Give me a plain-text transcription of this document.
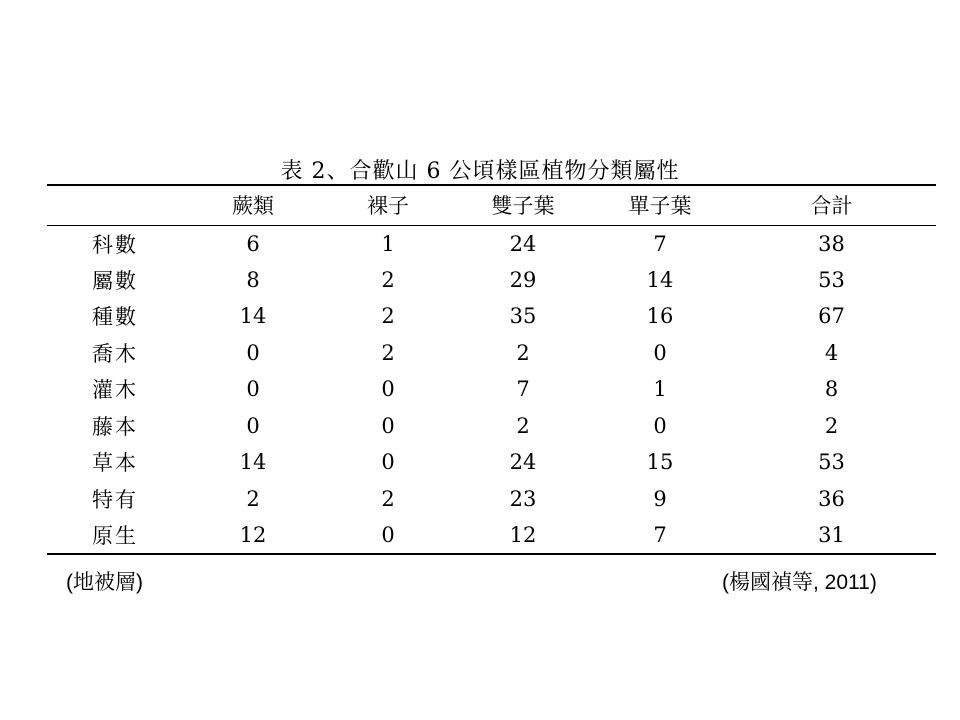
表 2、合歡山 6 公頃樣區植物分類屬性
	蕨類	裸子	雙子葉	單子葉	合計
科數	6	1	24	7	38
屬數	8	2	29	14	53
種數	14	2	35	16	67
喬木	0	2	2	0	4
灌木	0	0	7	1	8
藤本	0	0	2	0	2
草本	14	0	24	15	53
特有	2	2	23	9	36
原生	12	0	12	7	31
(地被層)	(楊國禎等, 2011)
